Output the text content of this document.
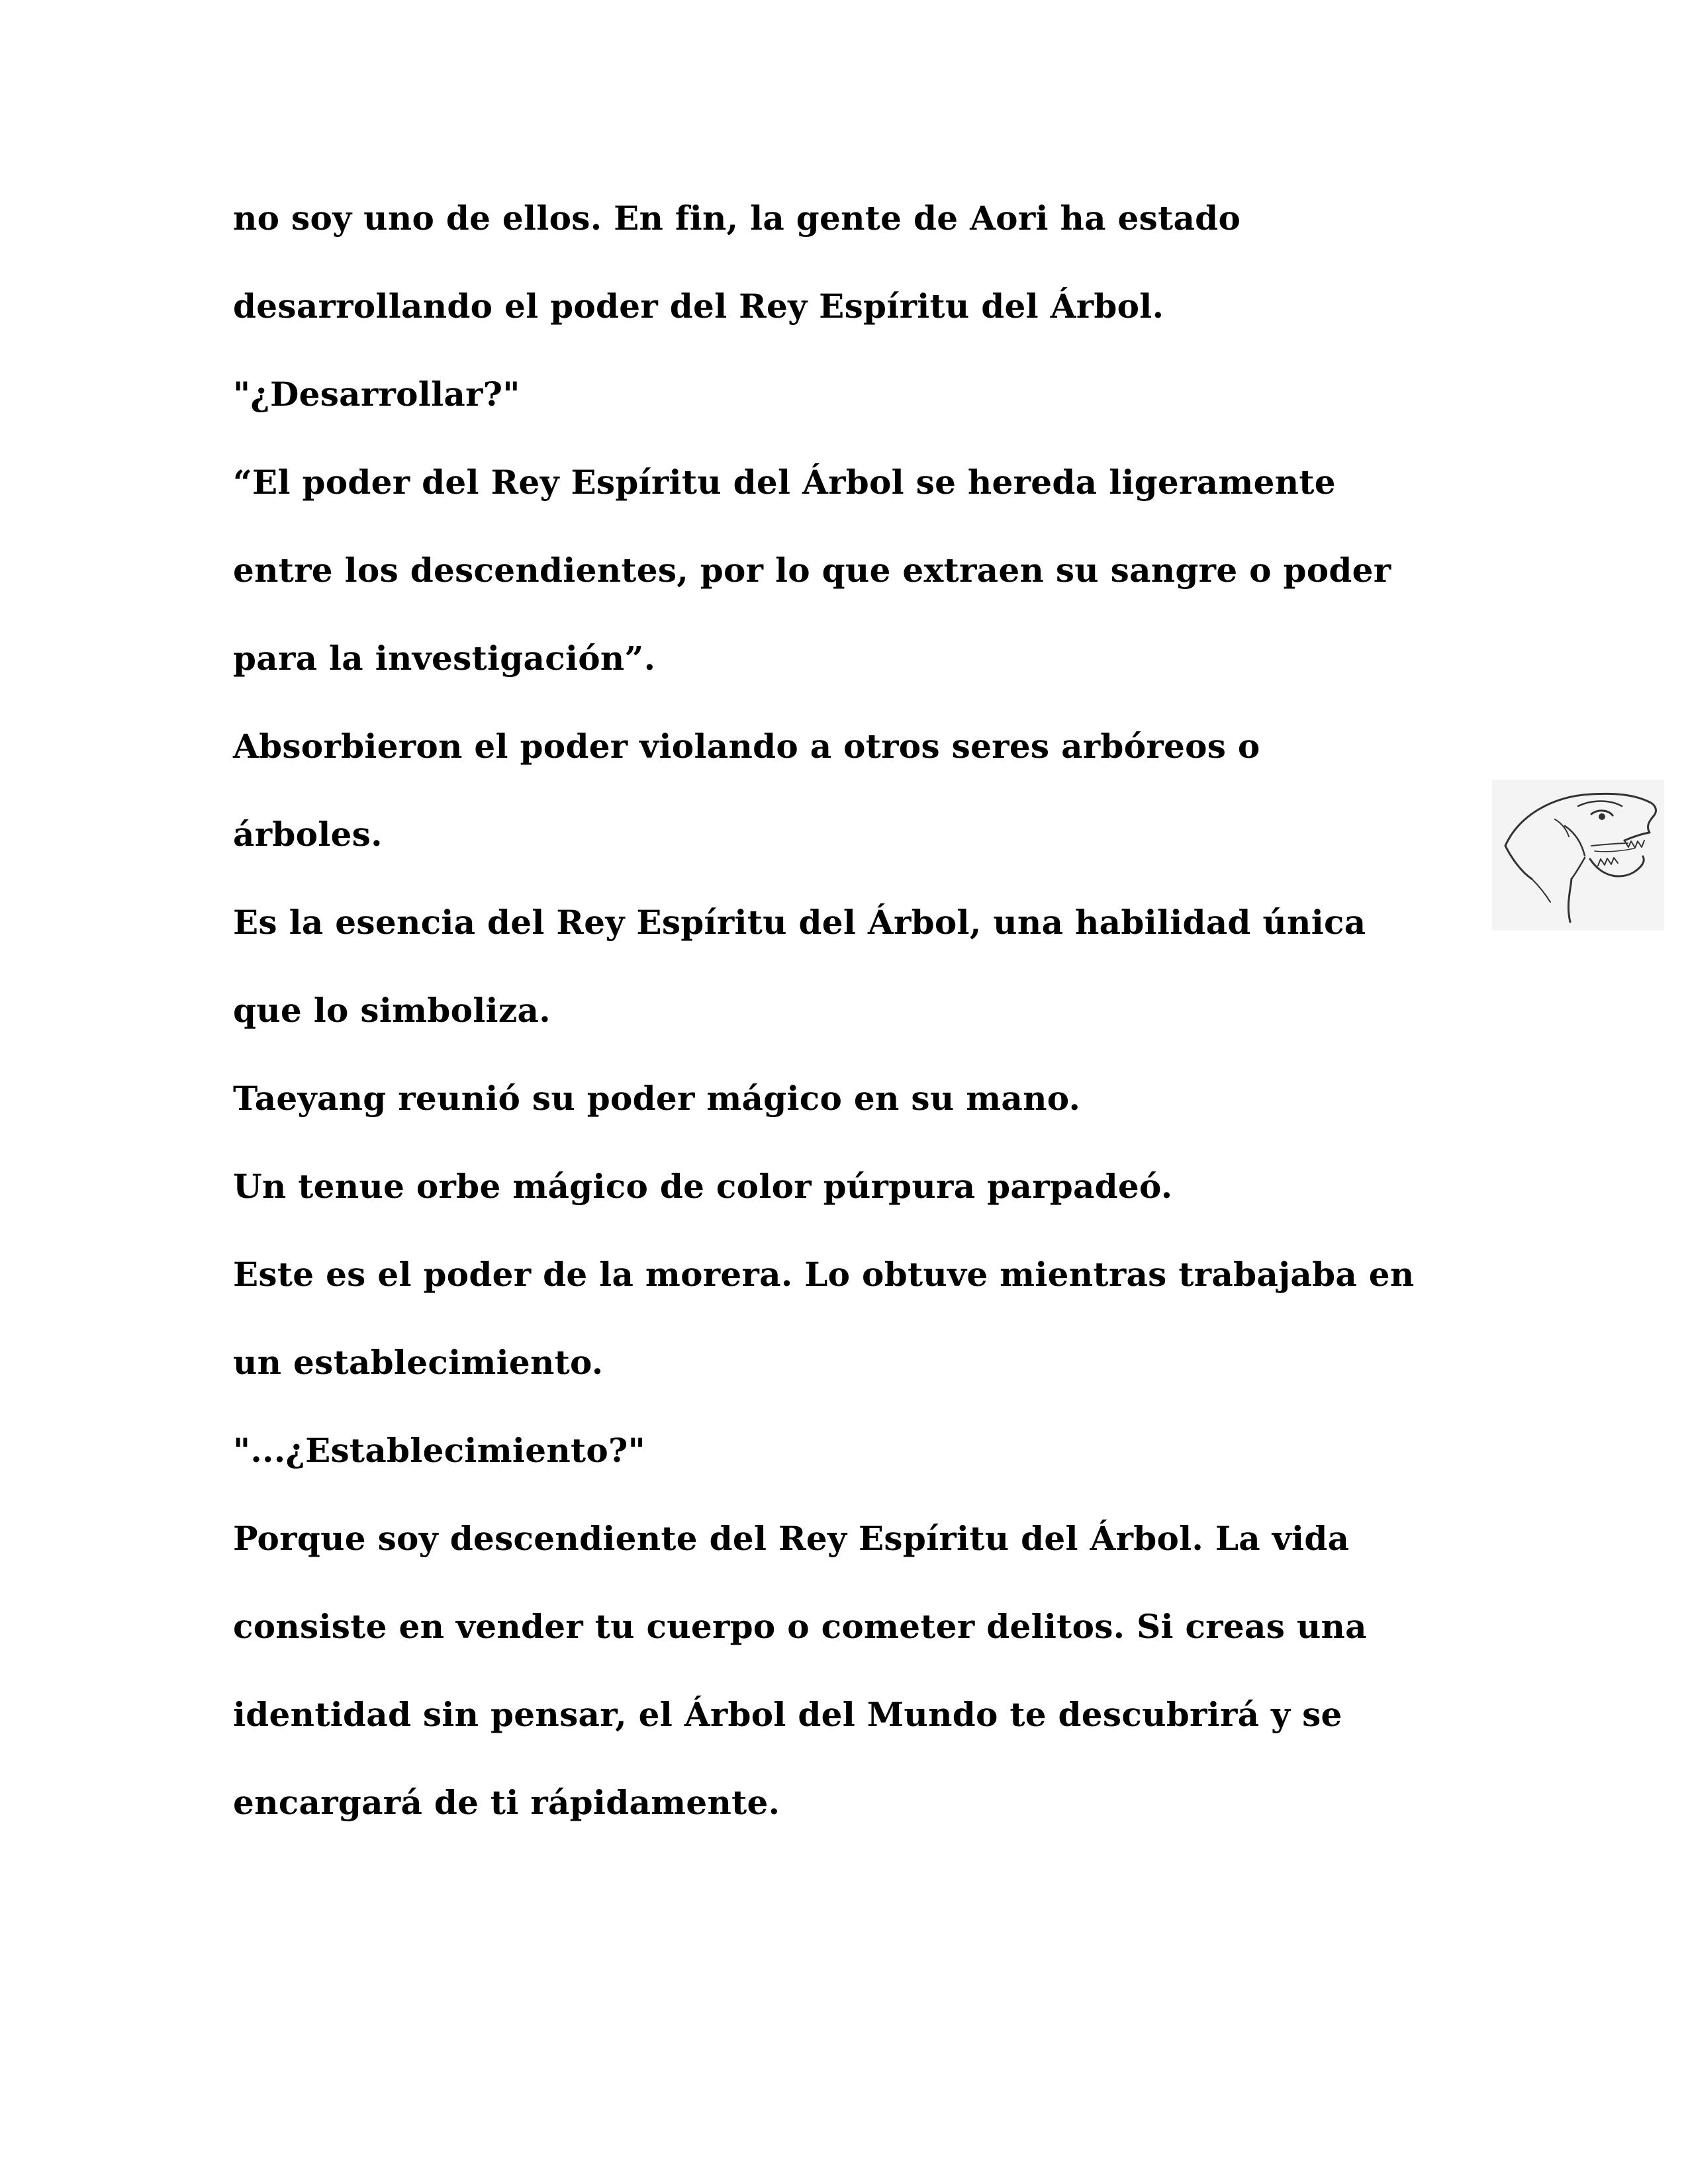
no soy uno de ellos. En fin, la gente de Aori ha estado
desarrollando el poder del Rey Espíritu del Árbol.
"¿Desarrollar?"
“El poder del Rey Espíritu del Árbol se hereda ligeramente
entre los descendientes, por lo que extraen su sangre o poder
para la investigación”.
Absorbieron el poder violando a otros seres arbóreos o
árboles.
Es la esencia del Rey Espíritu del Árbol, una habilidad única
que lo simboliza.
Taeyang reunió su poder mágico en su mano.
Un tenue orbe mágico de color púrpura parpadeó.
Este es el poder de la morera. Lo obtuve mientras trabajaba en
un establecimiento.
"...¿Establecimiento?"
Porque soy descendiente del Rey Espíritu del Árbol. La vida
consiste en vender tu cuerpo o cometer delitos. Si creas una
identidad sin pensar, el Árbol del Mundo te descubrirá y se
encargará de ti rápidamente.
